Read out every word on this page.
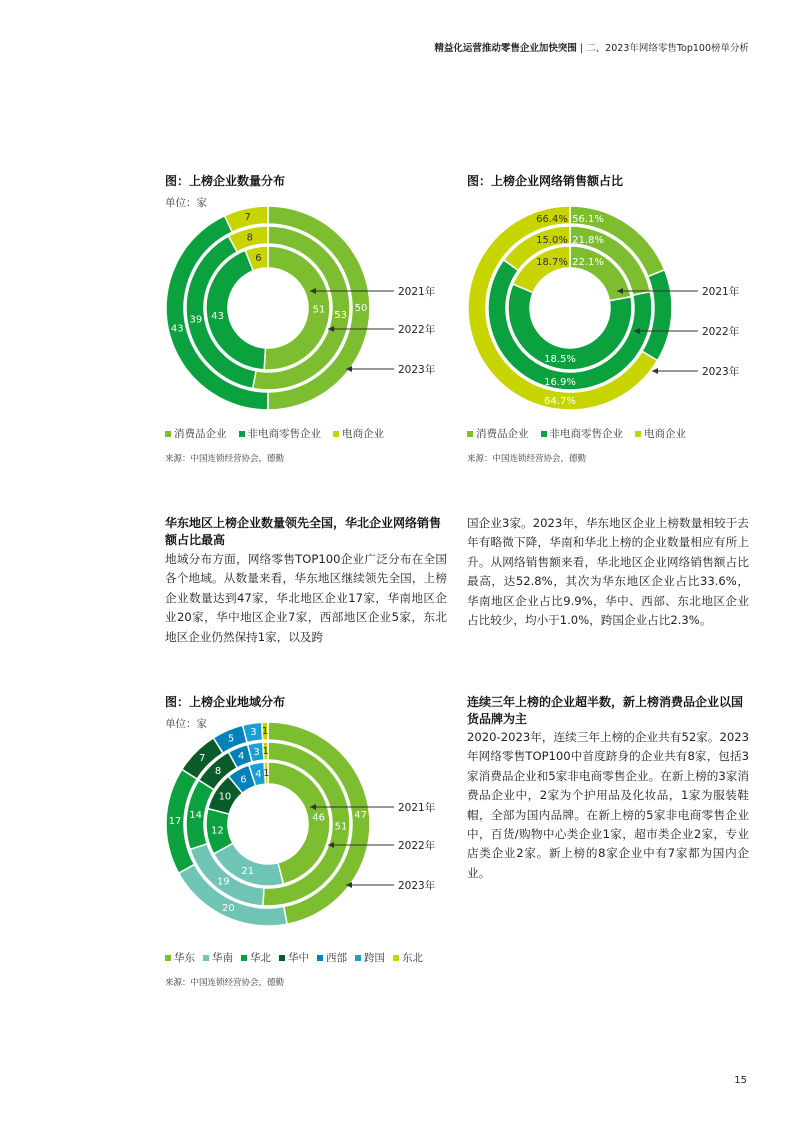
精益化运营推动零售企业加快突围 | 二、2023年网络零售Top100榜单分析
图：上榜企业数量分布
单位：家
51
43
6
53
39
8
50
43
7
2021年
2022年
2023年
消费品企业 非电商零售企业 电商企业
来源：中国连锁经营协会，德勤
图：上榜企业网络销售额占比
2021年
2022年
2023年
66.4% 56.1%
15.0% 21.8%
18.7% 22.1%
18.5%
16.9%
64.7%
消费品企业 非电商零售企业 电商企业
来源：中国连锁经营协会，德勤
华东地区上榜企业数量领先全国，华北企业网络销售额占比最高
地域分布方面，网络零售TOP100企业广泛分布在全国各个地域。从数量来看，华东地区继续领先全国，上榜企业数量达到47家，华北地区企业17家，华南地区企业20家，华中地区企业7家，西部地区企业5家，东北地区企业仍然保持1家，以及跨
国企业3家。2023年，华东地区企业上榜数量相较于去年有略微下降，华南和华北上榜的企业数量相应有所上升。从网络销售额来看，华北地区企业网络销售额占比最高，达52.8%，其次为华东地区企业占比33.6%，华南地区企业占比9.9%，华中、西部、东北地区企业占比较少，均小于1.0%，跨国企业占比2.3%。
图：上榜企业地域分布
单位：家
46
21
12
10
6 4 1
51
19
14
8
4 3 1
47
20
17
7
5
3 1
2021年
2022年
2023年
华东 华南 华北 华中 西部 跨国 东北
来源：中国连锁经营协会，德勤
连续三年上榜的企业超半数，新上榜消费品企业以国货品牌为主
2020-2023年，连续三年上榜的企业共有52家。2023年网络零售TOP100中首度跻身的企业共有8家，包括3家消费品企业和5家非电商零售企业。在新上榜的3家消费品企业中，2家为个护用品及化妆品，1家为服装鞋帽，全部为国内品牌。在新上榜的5家非电商零售企业中，百货/购物中心类企业1家，超市类企业2家，专业店类企业2家。新上榜的8家企业中有7家都为国内企业。
15
